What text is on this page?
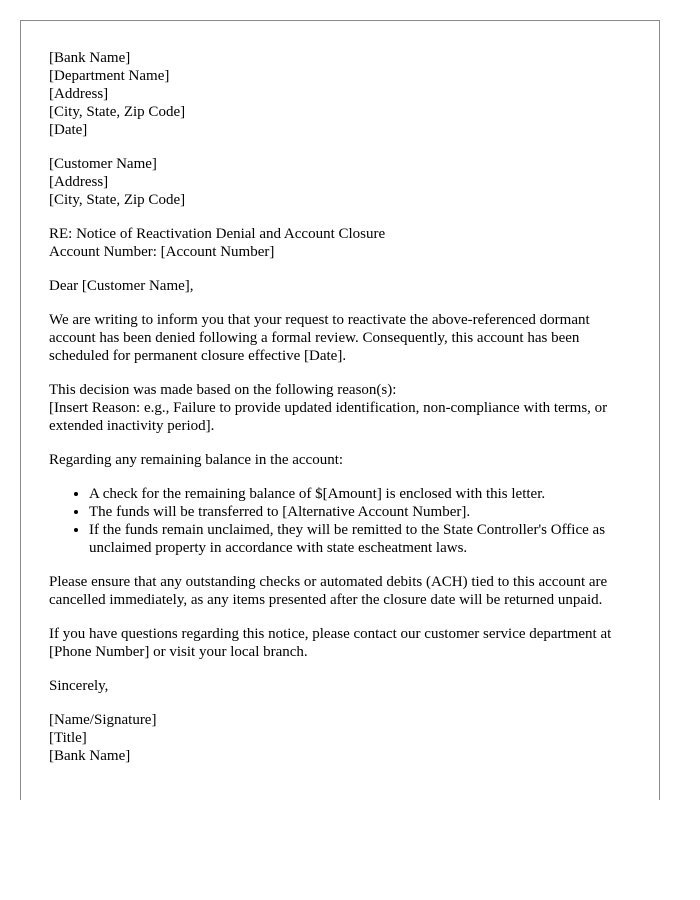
[Bank Name]
[Department Name]
[Address]
[City, State, Zip Code]
[Date]
[Customer Name]
[Address]
[City, State, Zip Code]
RE: Notice of Reactivation Denial and Account Closure
Account Number: [Account Number]

Dear [Customer Name],

We are writing to inform you that your request to reactivate the above-referenced dormant account has been denied following a formal review. Consequently, this account has been scheduled for permanent closure effective [Date].

This decision was made based on the following reason(s):
[Insert Reason: e.g., Failure to provide updated identification, non-compliance with terms, or extended inactivity period].

Regarding any remaining balance in the account:

• A check for the remaining balance of $[Amount] is enclosed with this letter.
• The funds will be transferred to [Alternative Account Number].
• If the funds remain unclaimed, they will be remitted to the State Controller's Office as unclaimed property in accordance with state escheatment laws.

Please ensure that any outstanding checks or automated debits (ACH) tied to this account are cancelled immediately, as any items presented after the closure date will be returned unpaid.

If you have questions regarding this notice, please contact our customer service department at [Phone Number] or visit your local branch.

Sincerely,

[Name/Signature]
[Title]
[Bank Name]
